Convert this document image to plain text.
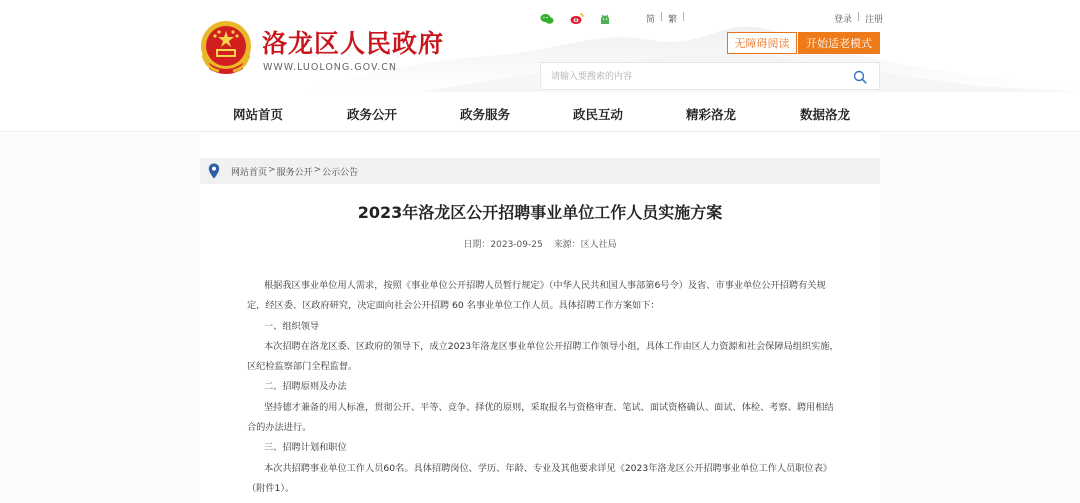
洛龙区人民政府
WWW.LUOLONG.GOV.CN
简 | 繁 |	登录 | 注册
无障碍阅读	开始适老模式
请输入要搜索的内容
网站首页	政务公开	政务服务	政民互动	精彩洛龙	数据洛龙
网站首页 > 服务公开 > 公示公告
2023年洛龙区公开招聘事业单位工作人员实施方案
日期：2023-09-25 来源：区人社局

根据我区事业单位用人需求，按照《事业单位公开招聘人员暂行规定》（中华人民共和国人事部第6号令）及省、市事业单位公开招聘有关规

定，经区委、区政府研究，决定面向社会公开招聘 60 名事业单位工作人员。具体招聘工作方案如下：

一、组织领导

本次招聘在洛龙区委、区政府的领导下，成立2023年洛龙区事业单位公开招聘工作领导小组，具体工作由区人力资源和社会保障局组织实施，

区纪检监察部门全程监督。

二、招聘原则及办法

坚持德才兼备的用人标准，贯彻公开、平等、竞争、择优的原则，采取报名与资格审查、笔试、面试资格确认、面试、体检、考察、聘用相结

合的办法进行。

三、招聘计划和职位

本次共招聘事业单位工作人员60名。具体招聘岗位、学历、年龄、专业及其他要求详见《2023年洛龙区公开招聘事业单位工作人员职位表》

（附件1）。
